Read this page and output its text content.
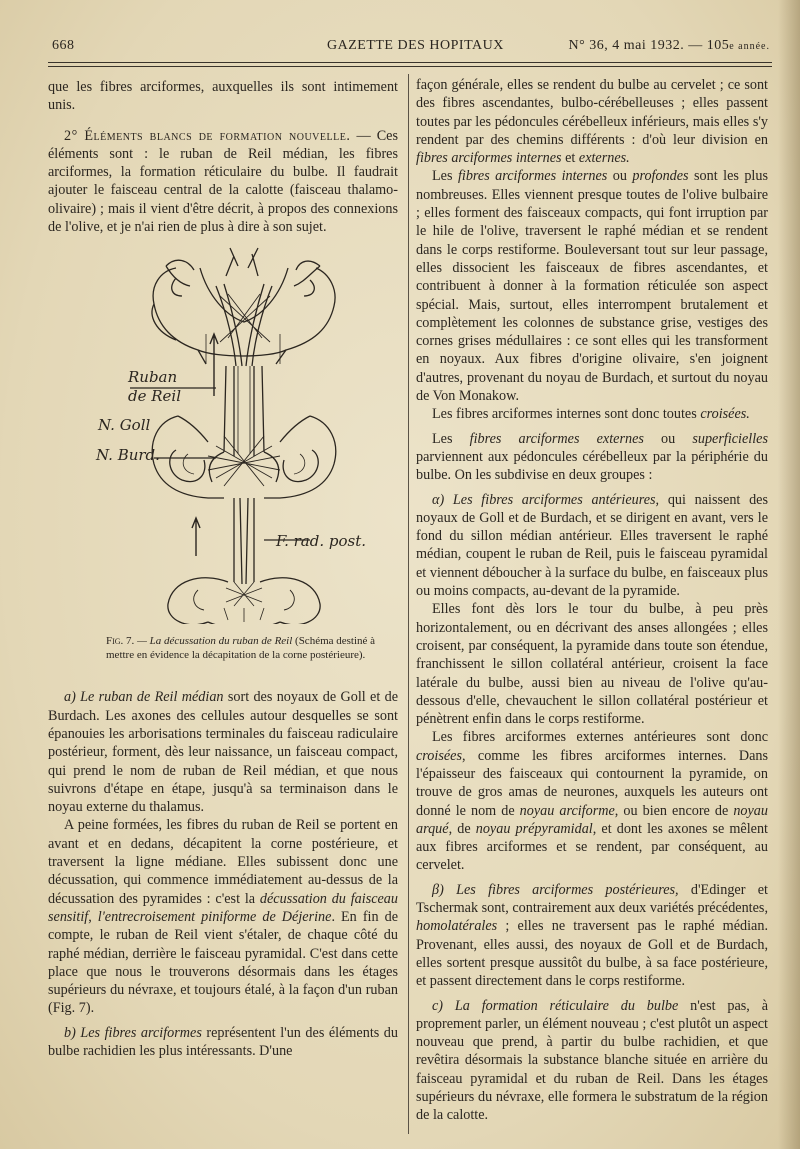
668	GAZETTE DES HOPITAUX	N° 36, 4 mai 1932. — 105e année.

que les fibres arciformes, auxquelles ils sont intimement unis.

2° Éléments blancs de formation nouvelle. — Ces éléments sont : le ruban de Reil médian, les fibres arciformes, la formation réticulaire du bulbe. Il faudrait ajouter le faisceau central de la calotte (faisceau thalamo-olivaire) ; mais il vient d'être décrit, à propos des connexions de l'olive, et je n'ai rien de plus à dire à son sujet.

Ruban
de Reil
N. Goll
N. Burd.
F. rad. post.
Fig. 7. — La décussation du ruban de Reil (Schéma destiné à mettre en évidence la décapitation de la corne postérieure).

a) Le ruban de Reil médian sort des noyaux de Goll et de Burdach. Les axones des cellules autour desquelles se sont épanouies les arborisations terminales du faisceau radiculaire postérieur, forment, dès leur naissance, un faisceau compact, qui prend le nom de ruban de Reil médian, et que nous suivrons d'étape en étape, jusqu'à sa terminaison dans le noyau externe du thalamus.

A peine formées, les fibres du ruban de Reil se portent en avant et en dedans, décapitent la corne postérieure, et traversent la ligne médiane. Elles subissent donc une décussation, qui commence immédiatement au-dessus de la décussation des pyramides : c'est la décussation du faisceau sensitif, l'entrecroisement piniforme de Déjerine. En fin de compte, le ruban de Reil vient s'étaler, de chaque côté du raphé médian, derrière le faisceau pyramidal. C'est dans cette place que nous le trouverons désormais dans les étages supérieurs du névraxe, et toujours étalé, à la façon d'un ruban (Fig. 7).

b) Les fibres arciformes représentent l'un des éléments du bulbe rachidien les plus intéressants. D'une

façon générale, elles se rendent du bulbe au cervelet ; ce sont des fibres ascendantes, bulbo-cérébelleuses ; elles passent toutes par les pédoncules cérébelleux inférieurs, mais elles s'y rendent par des chemins différents : d'où leur division en fibres arciformes internes et externes.

Les fibres arciformes internes ou profondes sont les plus nombreuses. Elles viennent presque toutes de l'olive bulbaire ; elles forment des faisceaux compacts, qui font irruption par le hile de l'olive, traversent le raphé médian et se rendent dans le corps restiforme. Bouleversant tout sur leur passage, elles dissocient les faisceaux de fibres ascendantes, et contribuent à donner à la formation réticulée son aspect spécial. Mais, surtout, elles interrompent brutalement et complètement les colonnes de substance grise, vestiges des cornes grises médullaires : ce sont elles qui les transforment en noyaux. Aux fibres d'origine olivaire, s'en joignent d'autres, provenant du noyau de Burdach, et surtout du noyau de Von Monakow.

Les fibres arciformes internes sont donc toutes croisées.

Les fibres arciformes externes ou superficielles parviennent aux pédoncules cérébelleux par la périphérie du bulbe. On les subdivise en deux groupes :

α) Les fibres arciformes antérieures, qui naissent des noyaux de Goll et de Burdach, et se dirigent en avant, vers le fond du sillon médian antérieur. Elles traversent le raphé médian, coupent le ruban de Reil, puis le faisceau pyramidal et viennent déboucher à la surface du bulbe, en faisceaux plus ou moins compacts, au-devant de la pyramide.

Elles font dès lors le tour du bulbe, à peu près horizontalement, ou en décrivant des anses allongées ; elles croisent, par conséquent, la pyramide dans toute son étendue, franchissent le sillon collatéral antérieur, croisent la face latérale du bulbe, aussi bien au niveau de l'olive qu'au-dessous d'elle, chevauchent le sillon collatéral postérieur et pénètrent enfin dans le corps restiforme.

Les fibres arciformes externes antérieures sont donc croisées, comme les fibres arciformes internes. Dans l'épaisseur des faisceaux qui contournent la pyramide, on trouve de gros amas de neurones, auxquels les auteurs ont donné le nom de noyau arciforme, ou bien encore de noyau arqué, de noyau prépyramidal, et dont les axones se mêlent aux fibres arciformes et se rendent, par conséquent, au cervelet.

β) Les fibres arciformes postérieures, d'Edinger et Tschermak sont, contrairement aux deux variétés précédentes, homolatérales ; elles ne traversent pas le raphé médian. Provenant, elles aussi, des noyaux de Goll et de Burdach, elles sortent presque aussitôt du bulbe, à sa face postérieure, et passent directement dans le corps restiforme.

c) La formation réticulaire du bulbe n'est pas, à proprement parler, un élément nouveau ; c'est plutôt un aspect nouveau que prend, à partir du bulbe rachidien, et que revêtira désormais la substance blanche située en arrière du faisceau pyramidal et du ruban de Reil. Dans les étages supérieurs du névraxe, elle formera le substratum de la région de la calotte.
